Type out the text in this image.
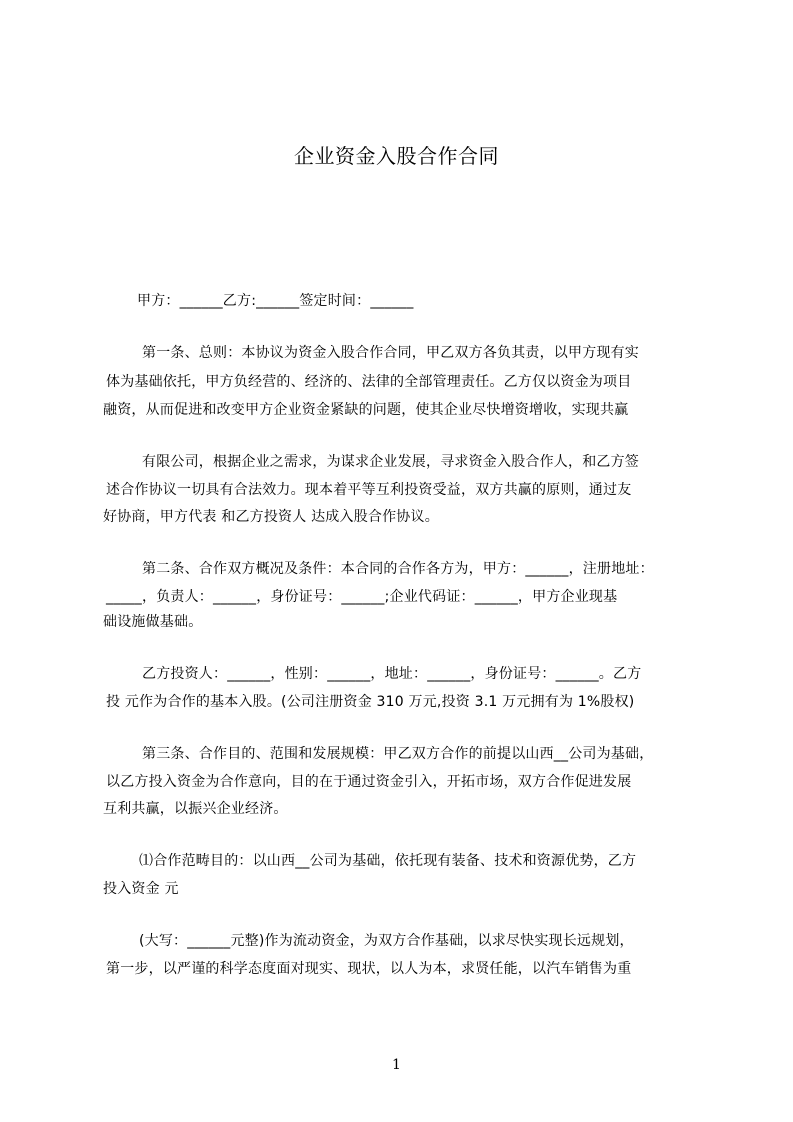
企业资金入股合作合同
甲方：______乙方:______签定时间：______
第一条、总则：本协议为资金入股合作合同，甲乙双方各负其责，以甲方现有实
体为基础依托，甲方负经营的、经济的、法律的全部管理责任。乙方仅以资金为项目
融资，从而促进和改变甲方企业资金紧缺的问题，使其企业尽快增资增收，实现共赢
有限公司，根据企业之需求，为谋求企业发展，寻求资金入股合作人，和乙方签
述合作协议一切具有合法效力。现本着平等互利投资受益，双方共赢的原则，通过友
好协商，甲方代表 和乙方投资人 达成入股合作协议。
第二条、合作双方概况及条件：本合同的合作各方为，甲方：______，注册地址：
_____，负责人：______，身份证号：______;企业代码证：______，甲方企业现基
础设施做基础。
乙方投资人：______，性别：______，地址：______，身份证号：______。乙方
投 元作为合作的基本入股。(公司注册资金 310 万元,投资 3.1 万元拥有为 1%股权)
第三条、合作目的、范围和发展规模：甲乙双方合作的前提以山西__公司为基础，
以乙方投入资金为合作意向，目的在于通过资金引入，开拓市场，双方合作促进发展
互利共赢，以振兴企业经济。
⑴合作范畴目的：以山西__公司为基础，依托现有装备、技术和资源优势，乙方
投入资金 元
(大写：______元整)作为流动资金，为双方合作基础，以求尽快实现长远规划，
第一步，以严谨的科学态度面对现实、现状，以人为本，求贤任能，以汽车销售为重
1
